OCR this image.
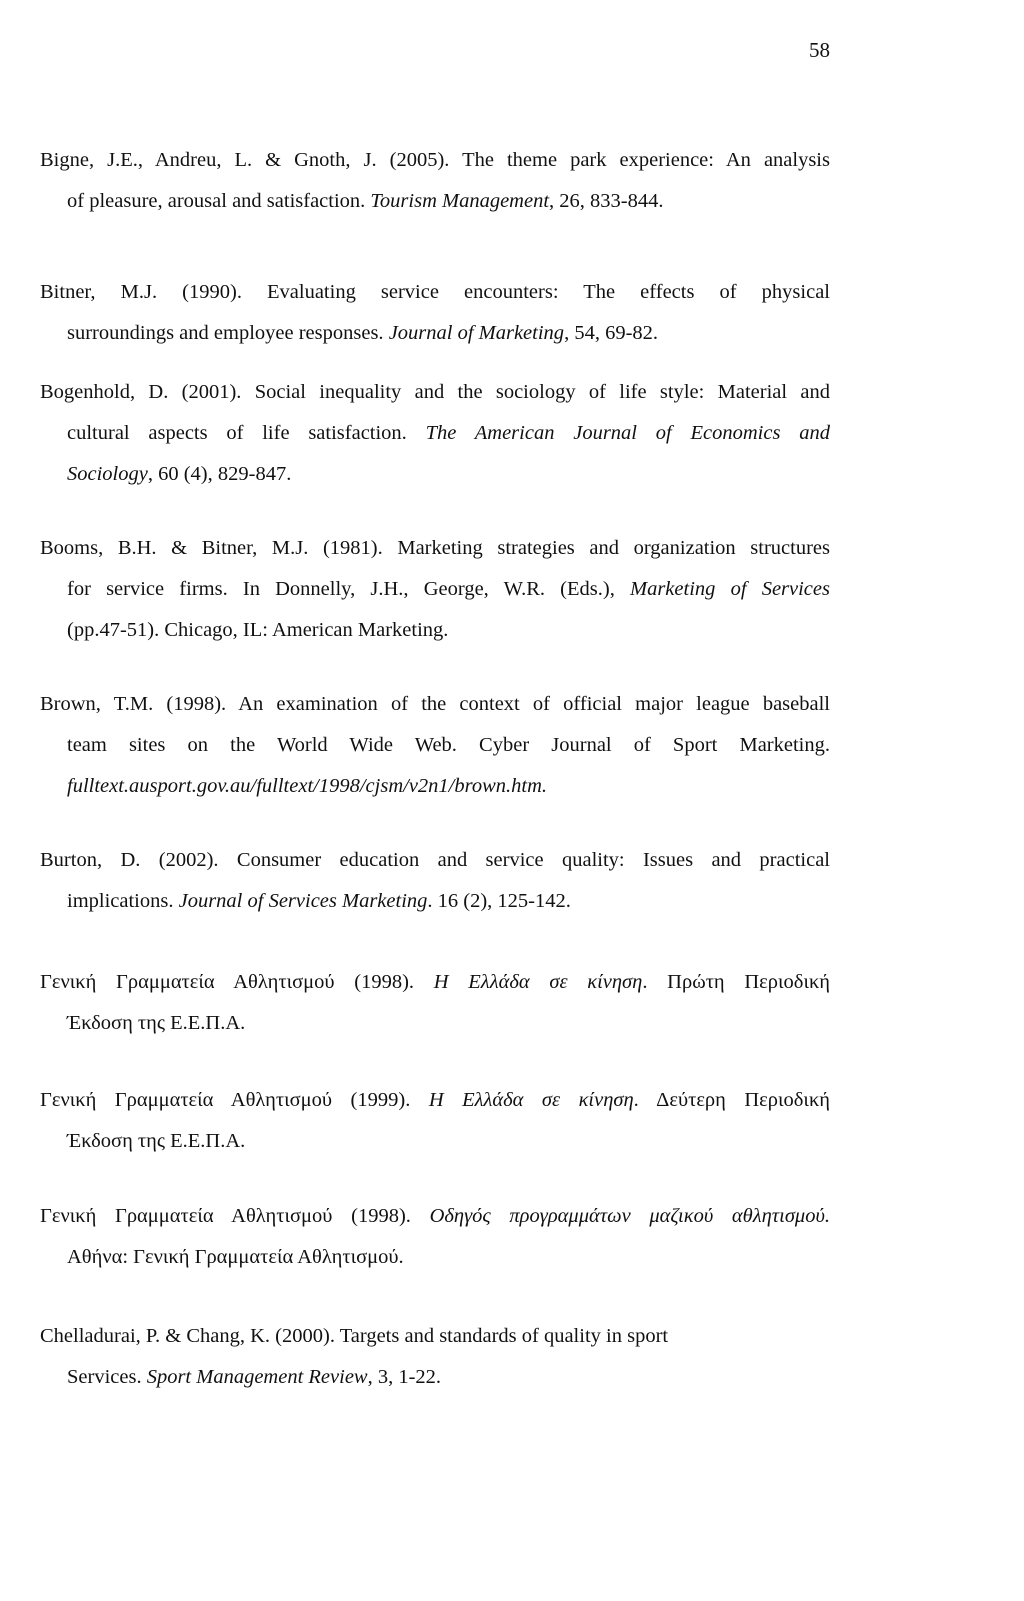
58
Bigne, J.E., Andreu, L. & Gnoth, J. (2005). The theme park experience: An analysis
of pleasure, arousal and satisfaction. Tourism Management, 26, 833-844.
Bitner, M.J. (1990). Evaluating service encounters: The effects of physical
surroundings and employee responses. Journal of Marketing, 54, 69-82.
Bogenhold, D. (2001). Social inequality and the sociology of life style: Material and
cultural aspects of life satisfaction. The American Journal of Economics and
Sociology, 60 (4), 829-847.
Booms, B.H. & Bitner, M.J. (1981). Marketing strategies and organization structures
for service firms. In Donnelly, J.H., George, W.R. (Eds.), Marketing of Services
(pp.47-51). Chicago, IL: American Marketing.
Brown, T.M. (1998). An examination of the context of official major league baseball
team sites on the World Wide Web. Cyber Journal of Sport Marketing.
fulltext.ausport.gov.au/fulltext/1998/cjsm/v2n1/brown.htm.
Burton, D. (2002). Consumer education and service quality: Issues and practical
implications. Journal of Services Marketing. 16 (2), 125-142.
Γενική Γραμματεία Αθλητισμού (1998). Η Ελλάδα σε κίνηση. Πρώτη Περιοδική
Έκδοση της Ε.Ε.Π.Α.
Γενική Γραμματεία Αθλητισμού (1999). Η Ελλάδα σε κίνηση. Δεύτερη Περιοδική
Έκδοση της Ε.Ε.Π.Α.
Γενική Γραμματεία Αθλητισμού (1998). Οδηγός προγραμμάτων μαζικού αθλητισμού.
Αθήνα: Γενική Γραμματεία Αθλητισμού.
Chelladurai, P. & Chang, K. (2000). Targets and standards of quality in sport
Services. Sport Management Review, 3, 1-22.
